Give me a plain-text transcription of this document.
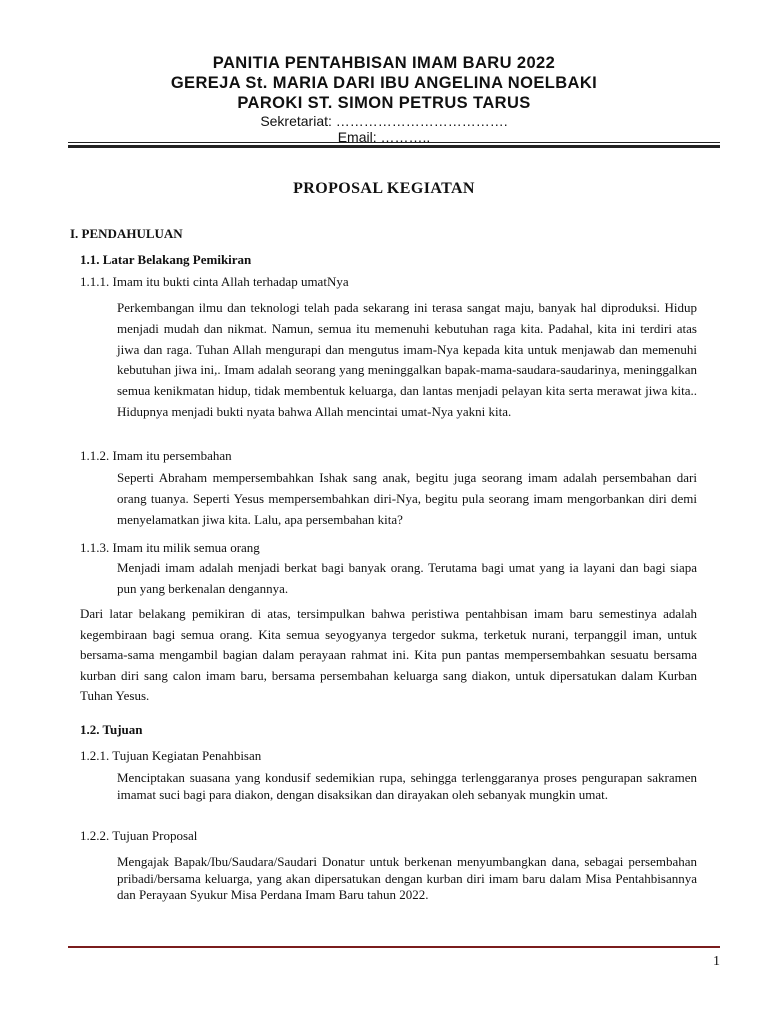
PANITIA PENTAHBISAN IMAM BARU 2022

GEREJA St. MARIA DARI IBU ANGELINA NOELBAKI

PAROKI ST. SIMON PETRUS TARUS

Sekretariat: ……………………………….

Email: ………..

PROPOSAL KEGIATAN

I. PENDAHULUAN

1.1. Latar Belakang Pemikiran

1.1.1. Imam itu bukti cinta Allah terhadap umatNya

Perkembangan ilmu dan teknologi telah pada sekarang ini terasa sangat maju, banyak hal diproduksi. Hidup menjadi mudah dan nikmat. Namun, semua itu memenuhi kebutuhan raga kita. Padahal, kita ini terdiri atas jiwa dan raga. Tuhan Allah mengurapi dan mengutus imam-Nya kepada kita untuk menjawab dan memenuhi kebutuhan jiwa ini,. Imam adalah seorang yang meninggalkan bapak-mama-saudara-saudarinya, meninggalkan semua kenikmatan hidup, tidak membentuk keluarga, dan lantas menjadi pelayan kita serta merawat jiwa kita.. Hidupnya menjadi bukti nyata bahwa Allah mencintai umat-Nya yakni kita.

1.1.2. Imam itu persembahan

Seperti Abraham mempersembahkan Ishak sang anak, begitu juga seorang imam adalah persembahan dari orang tuanya. Seperti Yesus mempersembahkan diri-Nya, begitu pula seorang imam mengorbankan diri demi menyelamatkan jiwa kita. Lalu, apa persembahan kita?

1.1.3. Imam itu milik semua orang

Menjadi imam adalah menjadi berkat bagi banyak orang. Terutama bagi umat yang ia layani dan bagi siapa pun yang berkenalan dengannya.

Dari latar belakang pemikiran di atas, tersimpulkan bahwa peristiwa pentahbisan imam baru semestinya adalah kegembiraan bagi semua orang. Kita semua seyogyanya tergedor sukma, terketuk nurani, terpanggil iman, untuk bersama-sama mengambil bagian dalam perayaan rahmat ini. Kita pun pantas mempersembahkan sesuatu bersama kurban diri sang calon imam baru, bersama persembahan keluarga sang diakon, untuk dipersatukan dalam Kurban Tuhan Yesus.

1.2. Tujuan

1.2.1. Tujuan Kegiatan Penahbisan

Menciptakan suasana yang kondusif sedemikian rupa, sehingga terlenggaranya proses pengurapan sakramen imamat suci bagi para diakon, dengan disaksikan dan dirayakan oleh sebanyak mungkin umat.

1.2.2. Tujuan Proposal

Mengajak Bapak/Ibu/Saudara/Saudari Donatur untuk berkenan menyumbangkan dana, sebagai persembahan pribadi/bersama keluarga, yang akan dipersatukan dengan kurban diri imam baru dalam Misa Pentahbisannya dan Perayaan Syukur Misa Perdana Imam Baru tahun 2022.

1
